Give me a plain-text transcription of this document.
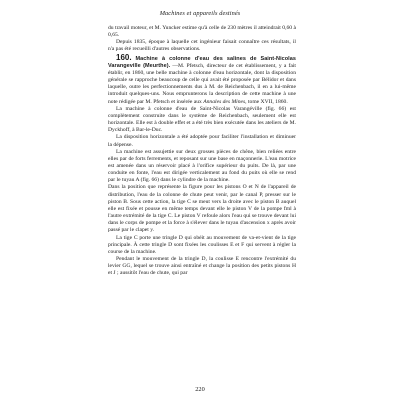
Machines et appareils destinés

du travail moteur, et M. Yuncker estime qu'à celle de 230 mètres il atteindrait 0,60 à 0,65.

Depuis 1835, époque à laquelle cet ingénieur faisait connaître ces résultats, il n'a pas été recueilli d'autres observations.

160. Machine à colonne d'eau des salines de Saint-Nicolas Varangeville (Meurthe). —M. Pfetsch, directeur de cet établissement, y a fait établir, en 1860, une belle machine à colonne d'eau horizontale, dont la disposition générale se rapproche beaucoup de celle qui avait été proposée par Bélidor et dans laquelle, outre les perfectionnements dus à M. de Reichenbach, il en a lui-même introduit quelques-uns. Nous emprunterons la description de cette machine à une note rédigée par M. Pfetsch et insérée aux Annales des Mines, tome XVII, 1860.

La machine à colonne d'eau de Saint-Nicolas Varangéville (fig. 66) est complètement construite dans le système de Reichenbach, seulement elle est horizontale. Elle est à double effet et a été très bien exécutée dans les ateliers de M. Dyckhoff, à Bar-le-Duc.

La disposition horizontale a été adoptée pour faciliter l'installation et diminuer la dépense.

La machine est assujettie sur deux grosses pièces de chêne, bien reliées entre elles par de forts ferrements, et reposant sur une base en maçonnerie. L'eau motrice est amenée dans un réservoir placé à l'orifice supérieur du puits. De là, par une conduite en fonte, l'eau est dirigée verticalement au fond du puits où elle se rend par le tuyau A (fig. 66) dans le cylindre de la machine.

Dans la position que représente la figure pour les pistons O et N de l'appareil de distribution, l'eau de la colonne de chute peut venir, par le canal P, presser sur le piston B. Sous cette action, la tige C se meut vers la droite avec le piston B auquel elle est fixée et pousse en même temps devant elle le piston V de la pompe fml à l'autre extrémité de la tige C. Le piston V refoule alors l'eau qui se trouve devant lui dans le corps de pompe et la force à s'élever dans le tuyau d'ascension x après avoir passé par le clapet y.

La tige C porte une tringle D qui obéit au mouvement de va-et-vient de la tige principale. À cette tringle D sont fixées les coulisses E et F qui servent à régler la course de la machine.

Pendant le mouvement de la tringle D, la coulisse E rencontre l'extrémité du levier GG, lequel se trouve ainsi entraîné et change la position des petits pistons H et J ; aussitôt l'eau de chute, qui par

220
